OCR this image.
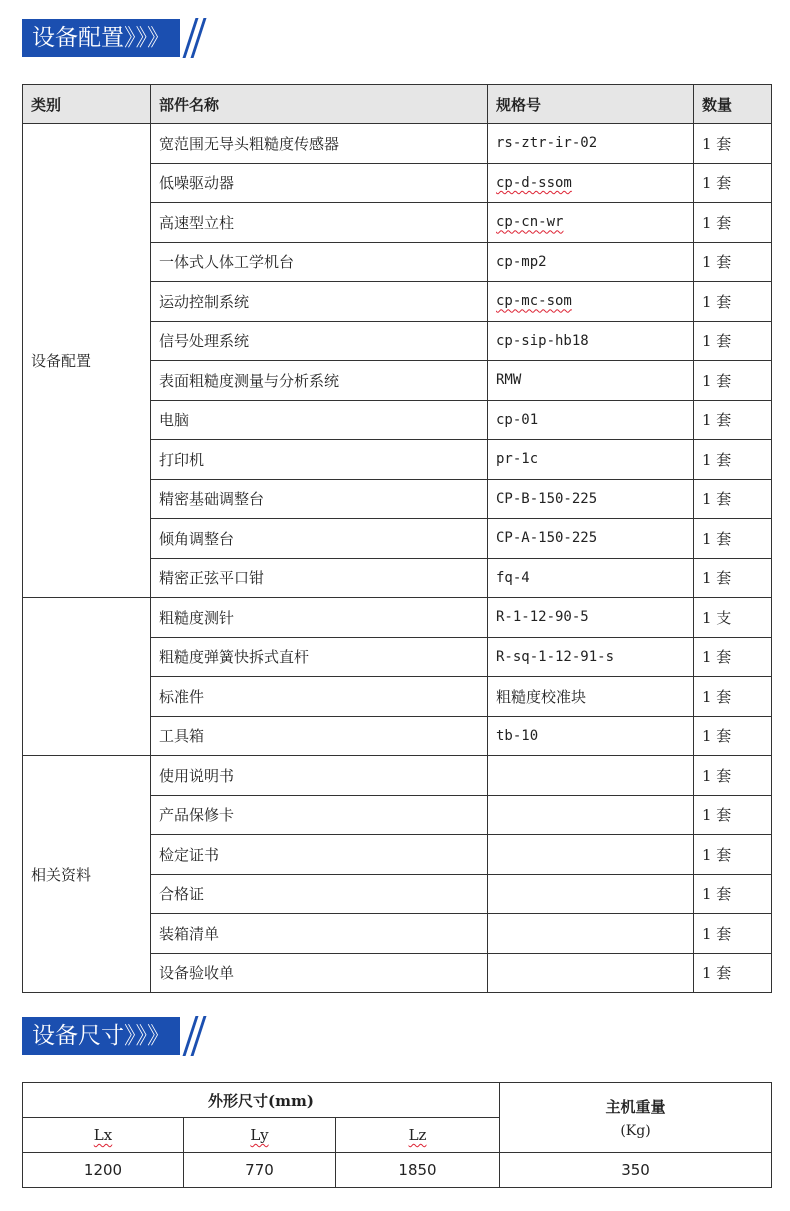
设备配置》》》
类别	部件名称	规格号	数量
设备配置	宽范围无导头粗糙度传感器	rs-ztr-ir-02	1 套
	低噪驱动器	cp-d-ssom	1 套
	高速型立柱	cp-cn-wr	1 套
	一体式人体工学机台	cp-mp2	1 套
	运动控制系统	cp-mc-som	1 套
	信号处理系统	cp-sip-hb18	1 套
	表面粗糙度测量与分析系统	RMW	1 套
	电脑	cp-01	1 套
	打印机	pr-1c	1 套
	精密基础调整台	CP-B-150-225	1 套
	倾角调整台	CP-A-150-225	1 套
	精密正弦平口钳	fq-4	1 套
	粗糙度测针	R-1-12-90-5	1 支
	粗糙度弹簧快拆式直杆	R-sq-1-12-91-s	1 套
	标准件	粗糙度校准块	1 套
	工具箱	tb-10	1 套
相关资料	使用说明书		1 套
	产品保修卡		1 套
	检定证书		1 套
	合格证		1 套
	装箱清单		1 套
	设备验收单		1 套
设备尺寸》》》
外形尺寸(mm)			主机重量
(Kg)

Lx	Ly	Lz	
1200	770	1850	350
